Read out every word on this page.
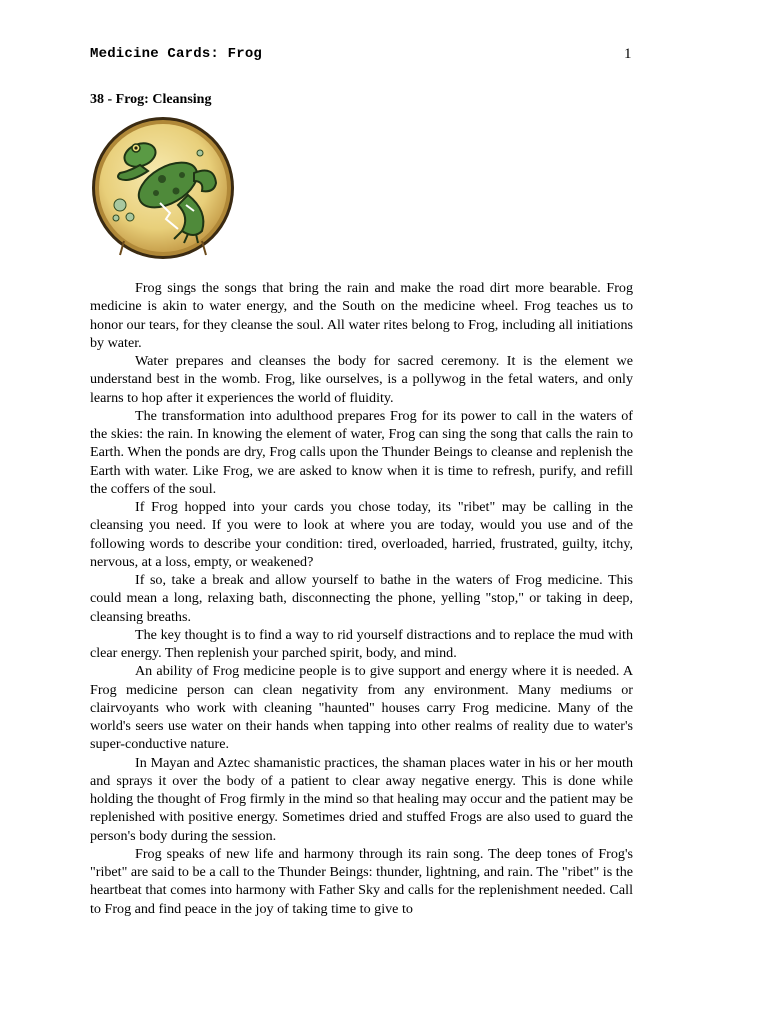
Medicine Cards: Frog	1
38 - Frog: Cleansing

Frog sings the songs that bring the rain and make the road dirt more bearable. Frog medicine is akin to water energy, and the South on the medicine wheel. Frog teaches us to honor our tears, for they cleanse the soul. All water rites belong to Frog, including all initiations by water.

Water prepares and cleanses the body for sacred ceremony. It is the element we understand best in the womb. Frog, like ourselves, is a pollywog in the fetal waters, and only learns to hop after it experiences the world of fluidity.

The transformation into adulthood prepares Frog for its power to call in the waters of the skies: the rain. In knowing the element of water, Frog can sing the song that calls the rain to Earth. When the ponds are dry, Frog calls upon the Thunder Beings to cleanse and replenish the Earth with water. Like Frog, we are asked to know when it is time to refresh, purify, and refill the coffers of the soul.

If Frog hopped into your cards you chose today, its "ribet" may be calling in the cleansing you need. If you were to look at where you are today, would you use and of the following words to describe your condition: tired, overloaded, harried, frustrated, guilty, itchy, nervous, at a loss, empty, or weakened?

If so, take a break and allow yourself to bathe in the waters of Frog medicine. This could mean a long, relaxing bath, disconnecting the phone, yelling "stop," or taking in deep, cleansing breaths.

The key thought is to find a way to rid yourself distractions and to replace the mud with clear energy. Then replenish your parched spirit, body, and mind.

An ability of Frog medicine people is to give support and energy where it is needed. A Frog medicine person can clean negativity from any environment. Many mediums or clairvoyants who work with cleaning "haunted" houses carry Frog medicine. Many of the world's seers use water on their hands when tapping into other realms of reality due to water's super-conductive nature.

In Mayan and Aztec shamanistic practices, the shaman places water in his or her mouth and sprays it over the body of a patient to clear away negative energy. This is done while holding the thought of Frog firmly in the mind so that healing may occur and the patient may be replenished with positive energy. Sometimes dried and stuffed Frogs are also used to guard the person's body during the session.

Frog speaks of new life and harmony through its rain song. The deep tones of Frog's "ribet" are said to be a call to the Thunder Beings: thunder, lightning, and rain. The "ribet" is the heartbeat that comes into harmony with Father Sky and calls for the replenishment needed. Call to Frog and find peace in the joy of taking time to give to
